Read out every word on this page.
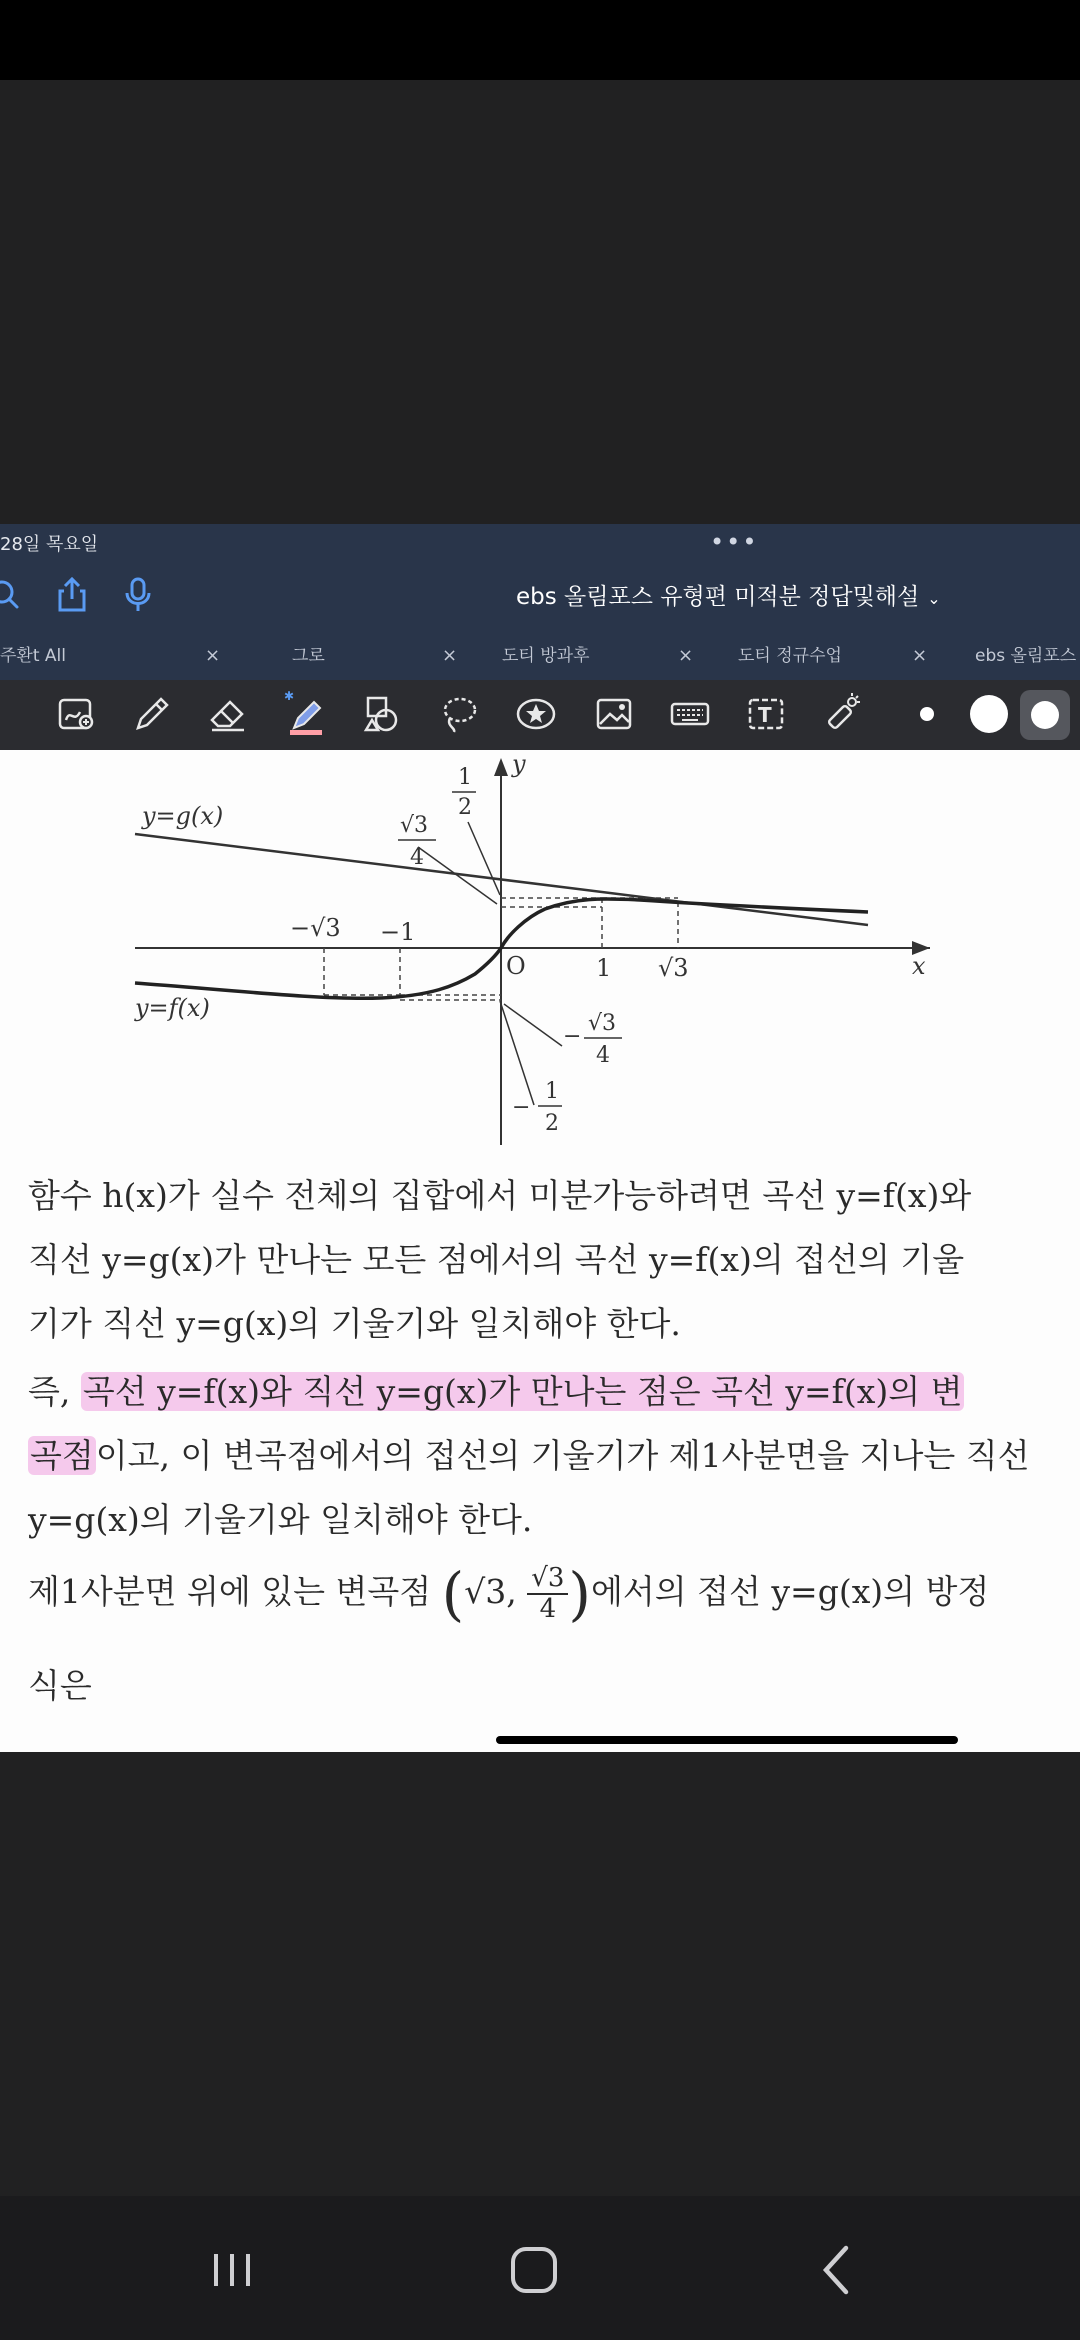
28일 목요일	•••
ebs 올림포스 유형편 미적분 정답및해설 ⌄
주환t All	×	그로	×	도티 방과후	×	도티 정규수업	×	ebs 올림포스
✱
T
y=g(x)
y=f(x)
x
y
O	1 √3
−1
−√3
1
2
√3
4
−
√3
4
−
1
2
함수 h(x)가 실수 전체의 집합에서 미분가능하려면 곡선 y=f(x)와
직선 y=g(x)가 만나는 모든 점에서의 곡선 y=f(x)의 접선의 기울
기가 직선 y=g(x)의 기울기와 일치해야 한다.
즉, 곡선 y=f(x)와 직선 y=g(x)가 만나는 점은 곡선 y=f(x)의 변
곡점이고, 이 변곡점에서의 접선의 기울기가 제1사분면을 지나는 직선
y=g(x)의 기울기와 일치해야 한다.
제1사분면 위에 있는 변곡점 (√3, $\frac{√3}{4}$ )에서의 접선 y=g(x)의 방정
식은
